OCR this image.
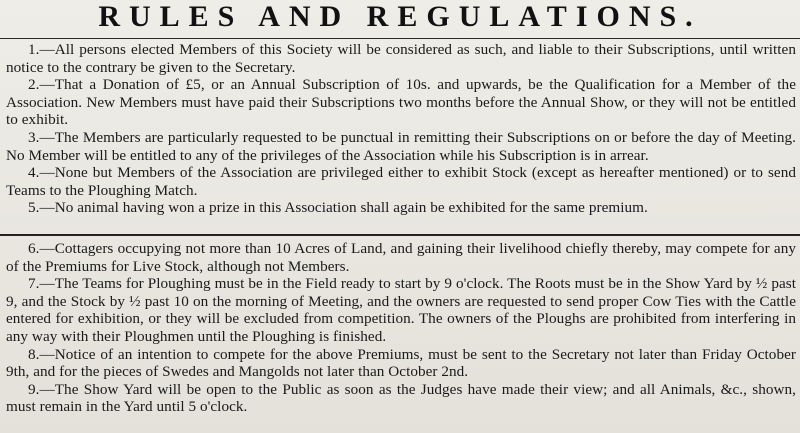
RULES AND REGULATIONS.

1.—All persons elected Members of this Society will be considered as such, and liable to their Subscriptions, until written notice to the contrary be given to the Secretary.

2.—That a Donation of £5, or an Annual Subscription of 10s. and upwards, be the Qualification for a Member of the Association. New Members must have paid their Subscriptions two months before the Annual Show, or they will not be entitled to exhibit.

3.—The Members are particularly requested to be punctual in remitting their Subscriptions on or before the day of Meeting. No Member will be entitled to any of the privileges of the Association while his Subscription is in arrear.

4.—None but Members of the Association are privileged either to exhibit Stock (except as hereafter mentioned) or to send Teams to the Ploughing Match.

5.—No animal having won a prize in this Association shall again be exhibited for the same premium.

6.—Cottagers occupying not more than 10 Acres of Land, and gaining their livelihood chiefly thereby, may compete for any of the Premiums for Live Stock, although not Members.

7.—The Teams for Ploughing must be in the Field ready to start by 9 o'clock. The Roots must be in the Show Yard by ½ past 9, and the Stock by ½ past 10 on the morning of Meeting, and the owners are requested to send proper Cow Ties with the Cattle entered for exhibition, or they will be excluded from competition. The owners of the Ploughs are prohibited from interfering in any way with their Ploughmen until the Ploughing is finished.

8.—Notice of an intention to compete for the above Premiums, must be sent to the Secretary not later than Friday October 9th, and for the pieces of Swedes and Mangolds not later than October 2nd.

9.—The Show Yard will be open to the Public as soon as the Judges have made their view; and all Animals, &c., shown, must remain in the Yard until 5 o'clock.
